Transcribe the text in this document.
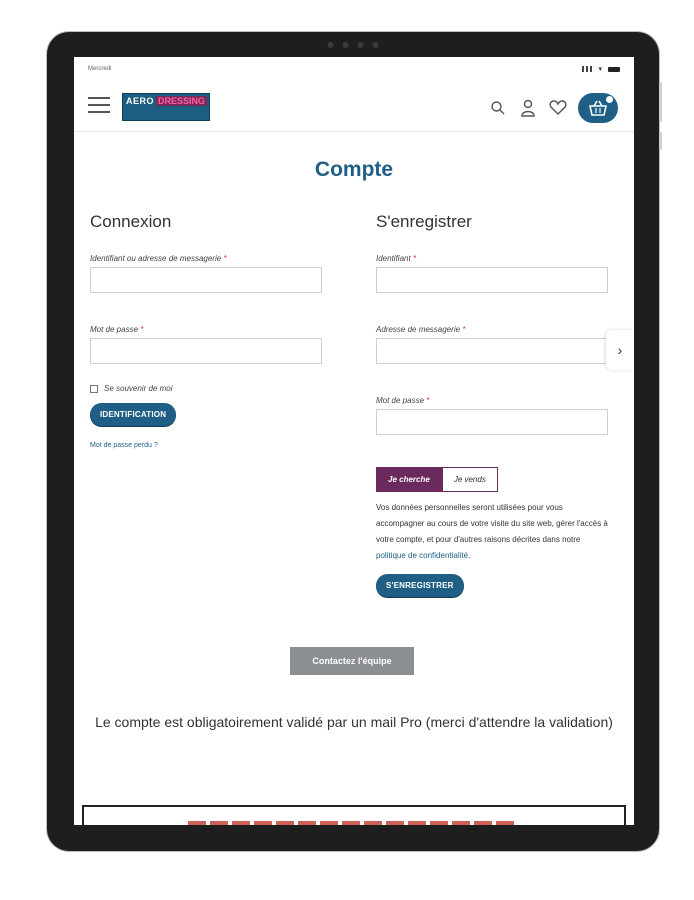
Mercredi	▾
AERO DRESSING
Compte
Connexion
Identifiant ou adresse de messagerie *
Mot de passe *
Se souvenir de moi
IDENTIFICATION
Mot de passe perdu ?
S'enregistrer
Identifiant *
Adresse de messagerie *
Mot de passe *
Je cherche	Je vends
Vos données personnelles seront utilisées pour vous accompagner au cours de votre visite du site web, gérer l'accès à votre compte, et pour d'autres raisons décrites dans notre politique de confidentialité.
S'ENREGISTRER
›
Contactez l'équipe
Le compte est obligatoirement validé par un mail Pro (merci d'attendre la validation)
